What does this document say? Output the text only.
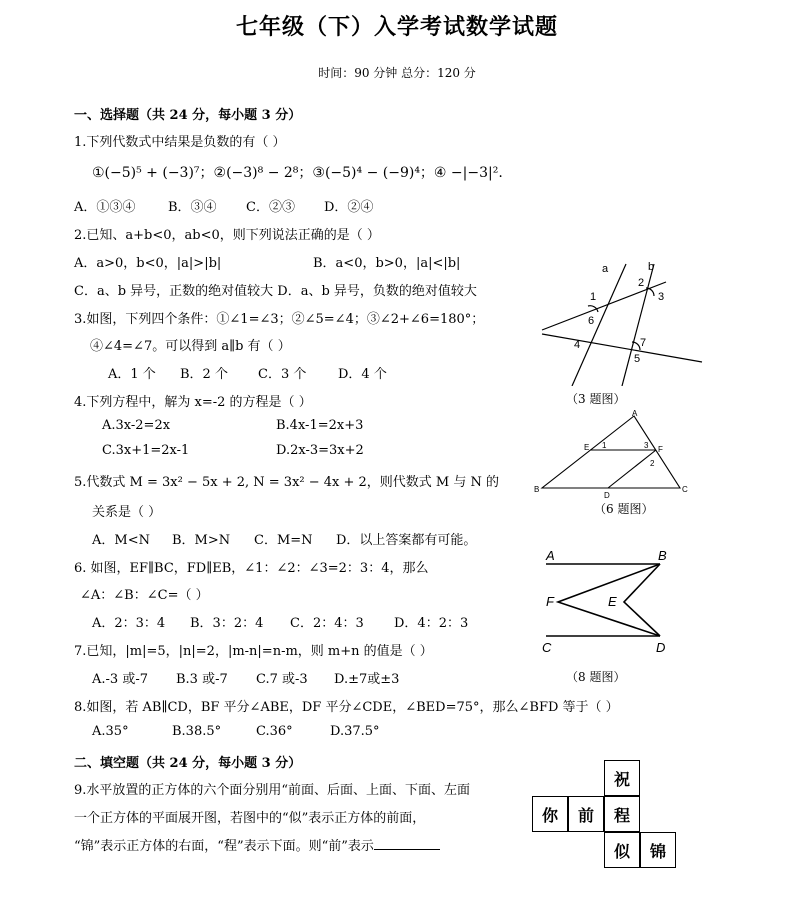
七年级（下）入学考试数学试题
时间：90 分钟 总分：120 分
一、选择题（共 24 分，每小题 3 分）
1.下列代数式中结果是负数的有（ ）
①(−5)⁵ + (−3)⁷；②(−3)⁸ − 2⁸；③(−5)⁴ − (−9)⁴；④ −|−3|².
A．①③④	B．③④ C．②③ D．②④
2.已知、a+b<0，ab<0，则下列说法正确的是（ ）
A．a>0，b<0，|a|>|b|	B．a<0，b>0，|a|<|b|
C．a、b 异号，正数的绝对值较大 D．a、b 异号，负数的绝对值较大
3.如图，下列四个条件：①∠1=∠3；②∠5=∠4；③∠2+∠6=180°；
④∠4=∠7。可以得到 a∥b 有（ ）
A．1 个 B．2 个 C．3 个 D．4 个
4.下列方程中，解为 x=-2 的方程是（ ）
A.3x-2=2x	B.4x-1=2x+3
C.3x+1=2x-1	D.2x-3=3x+2
5.代数式 M = 3x² − 5x + 2, N = 3x² − 4x + 2，则代数式 M 与 N 的
关系是（ ）
A．M<N B．M>N C．M=N D．以上答案都有可能。
6. 如图，EF∥BC，FD∥EB，∠1：∠2：∠3=2：3：4，那么
∠A：∠B：∠C=（ ）
A．2：3：4 B．3：2：4 C．2：4：3 D．4：2：3
7.已知，|m|=5，|n|=2，|m-n|=n-m，则 m+n 的值是（ ）
A.-3 或-7 B.3 或-7 C.7 或-3 D.±7或±3
8.如图，若 AB∥CD，BF 平分∠ABE，DF 平分∠CDE，∠BED=75°，那么∠BFD 等于（ ）
A.35°	B.38.5°	C.36°	D.37.5°
二、填空题（共 24 分，每小题 3 分）
9.水平放置的正方体的六个面分别用“前面、后面、上面、下面、左面
一个正方体的平面展开图，若图中的“似”表示正方体的前面，
“锦”表示正方体的右面，“程”表示下面。则“前”表示
a	b
1
2
3
6
4	7
5
（3 题图）
A
E 1	3 F
2
B
D
C
（6 题图）
A	B
F	E
C	D
（8 题图）
祝
你	前	程
似	锦
